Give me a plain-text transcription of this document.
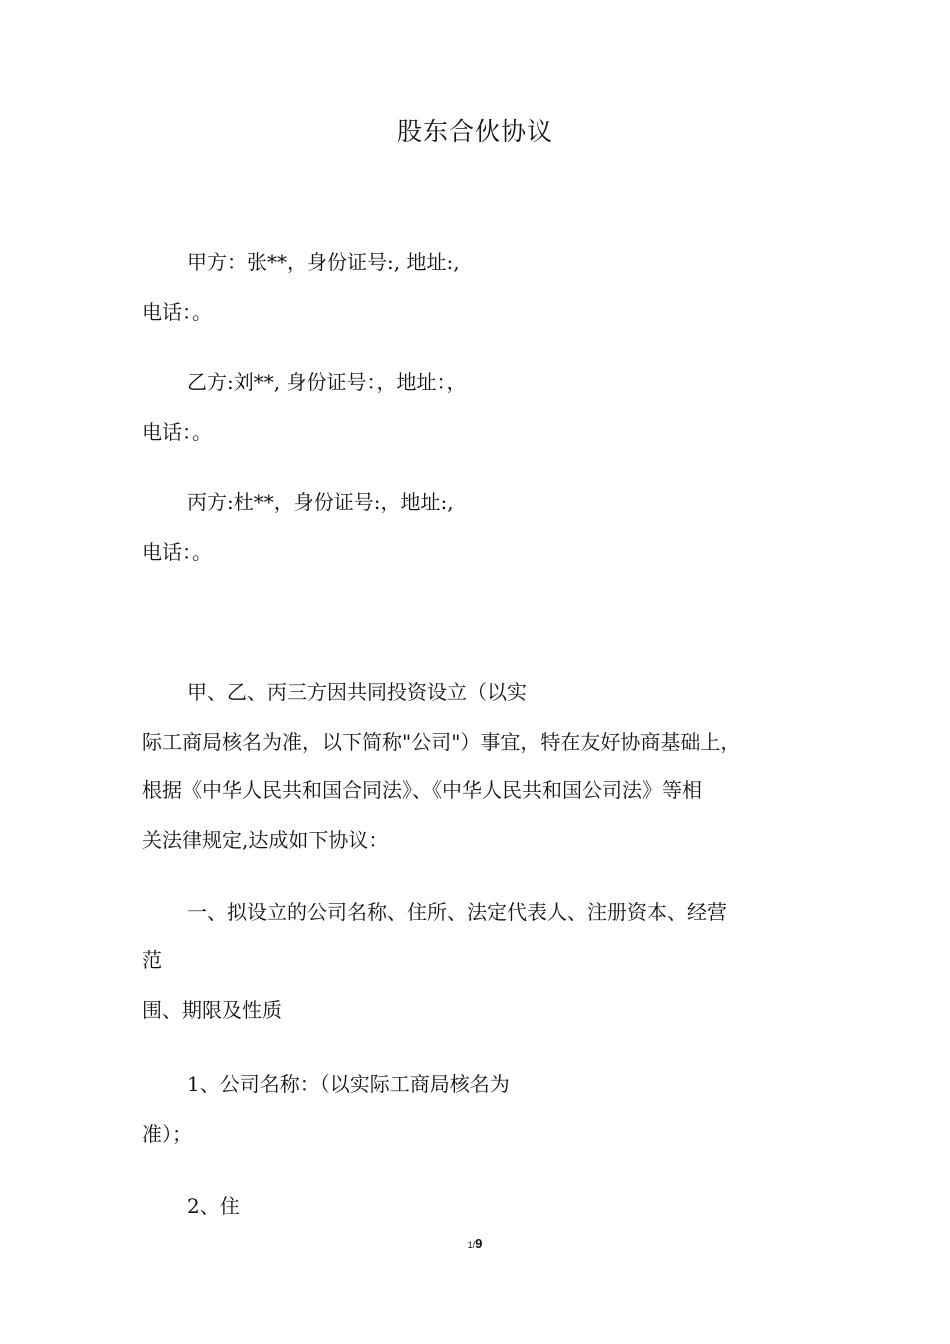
股东合伙协议
甲方：张**，身份证号:, 地址:,
电话：。
乙方:刘**, 身份证号：，地址：，
电话：。
丙方:杜**，身份证号:，地址:,
电话：。
甲、乙、丙三方因共同投资设立（以实
际工商局核名为准，以下简称"公司"）事宜，特在友好协商基础上，
根据《中华人民共和国合同法》、《中华人民共和国公司法》等相
关法律规定,达成如下协议：
一、拟设立的公司名称、住所、法定代表人、注册资本、经营
范
围、期限及性质
1、公司名称：（以实际工商局核名为
准）；
2、住
1/9
